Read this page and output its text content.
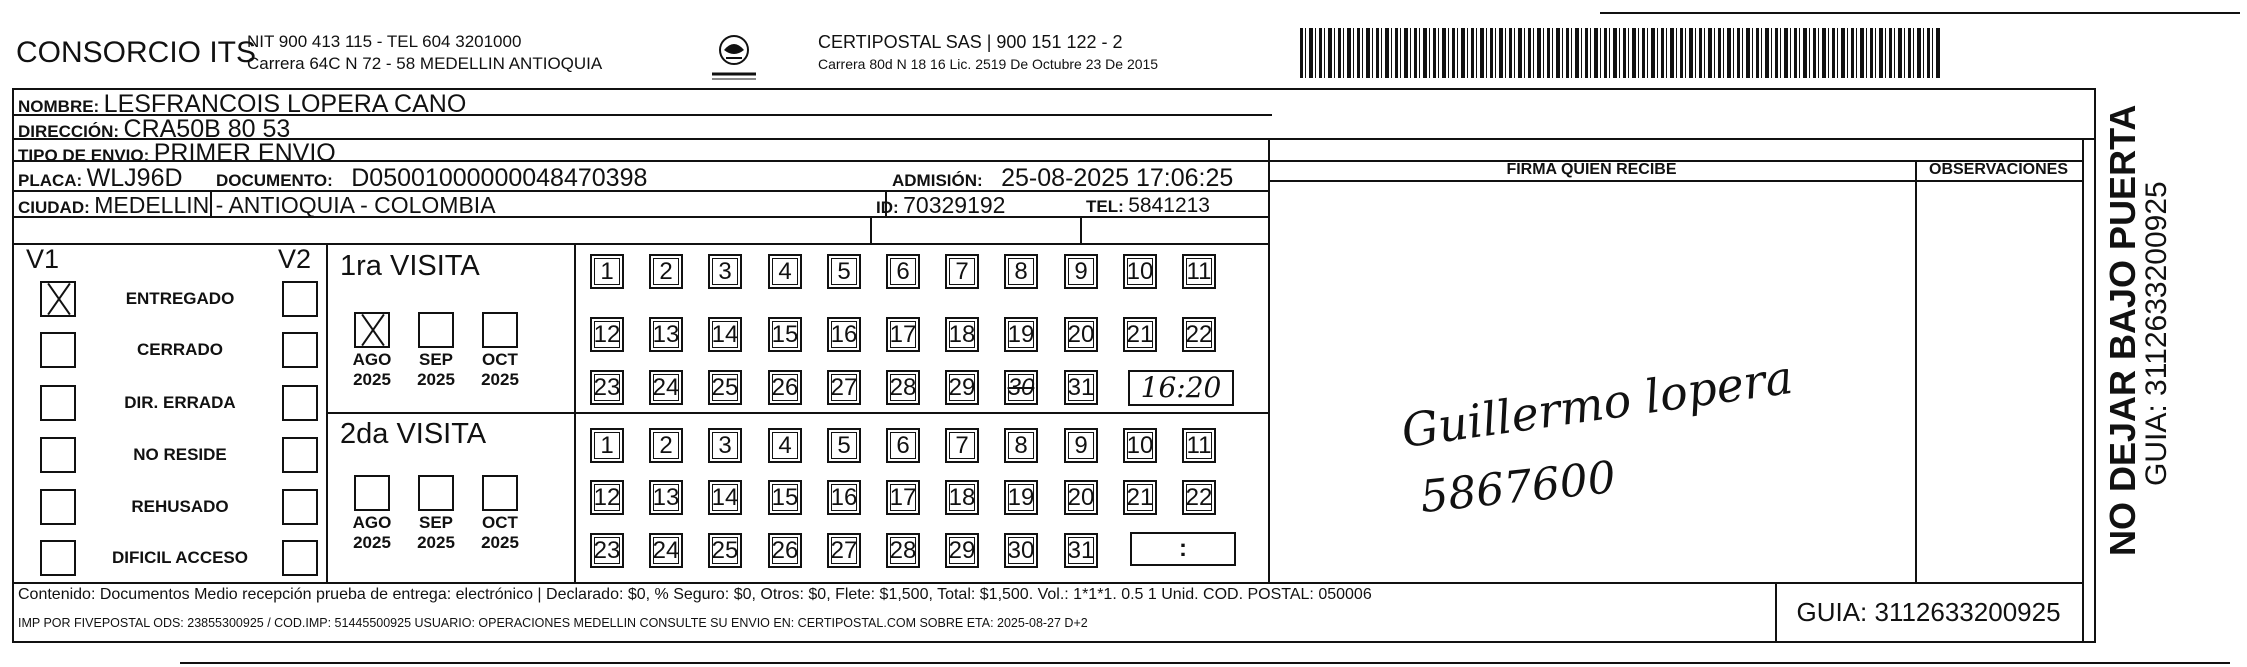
CONSORCIO ITS
NIT 900 413 115 - TEL 604 3201000
Carrera 64C N 72 - 58 MEDELLIN ANTIOQUIA
CERTIPOSTAL SAS | 900 151 122 - 2
Carrera 80d N 18 16 Lic. 2519 De Octubre 23 De 2015
NOMBRE: LESFRANCOIS LOPERA CANO
DIRECCIÓN: CRA50B 80 53
TIPO DE ENVIO: PRIMER ENVIO
PLACA: WLJ96D DOCUMENTO: D05001000000048470398	ADMISIÓN: 25-08-2025 17:06:25
CIUDAD: MEDELLIN - ANTIOQUIA - COLOMBIA	ID: 70329192	TEL: 5841213
FIRMA QUIEN RECIBE	OBSERVACIONES
Guillermo lopera
5867600
V1	V2
ENTREGADO
CERRADO
DIR. ERRADA
NO RESIDE
REHUSADO
DIFICIL ACCESO
1ra VISITA
2da VISITA
AGO
2025
SEP
2025
OCT
2025
AGO
2025
SEP
2025
OCT
2025
1	2	3	4	5	6	7	8	9	10 11
12 13 14 15 16 17 18 19 20 21 22
23 24 25 26 27 28 29 30 31
1	2	3	4	5	6	7	8	9	10 11
12 13 14 15 16 17 18 19 20 21 22
23 24 25 26 27 28 29 30 31
16:20
:
Contenido: Documentos Medio recepción prueba de entrega: electrónico | Declarado: $0, % Seguro: $0, Otros: $0, Flete: $1,500, Total: $1,500. Vol.: 1*1*1. 0.5 1 Unid. COD. POSTAL: 050006
IMP POR FIVEPOSTAL ODS: 23855300925 / COD.IMP: 51445500925 USUARIO: OPERACIONES MEDELLIN CONSULTE SU ENVIO EN: CERTIPOSTAL.COM SOBRE ETA: 2025-08-27 D+2	GUIA: 3112633200925
NO DEJAR BAJO PUERTA
GUIA: 3112633200925
